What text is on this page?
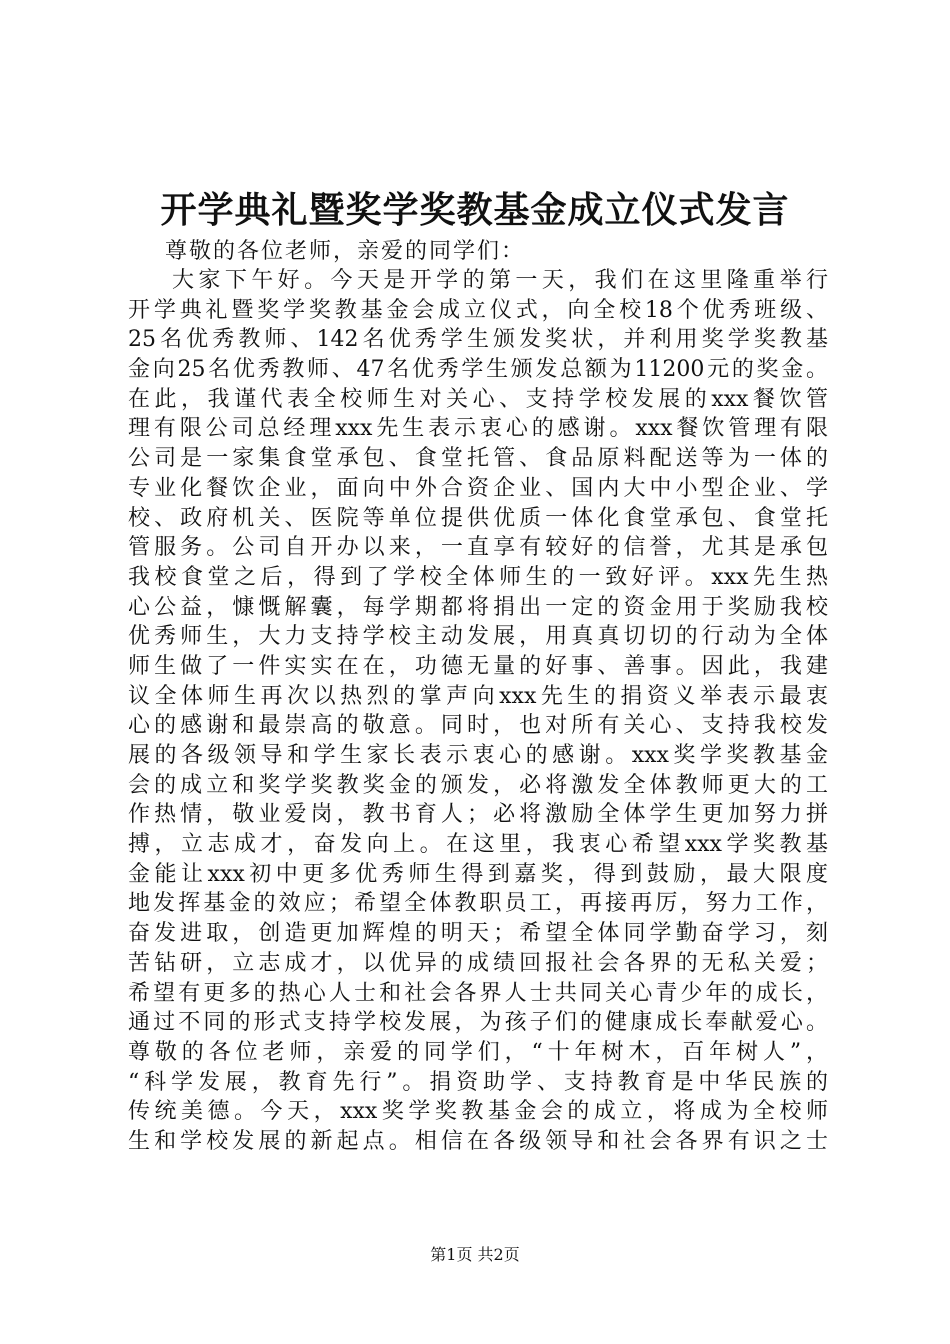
开学典礼暨奖学奖教基金成立仪式发言

尊敬的各位老师，亲爱的同学们：

大家下午好。今天是开学的第一天，我们在这里隆重举行
开学典礼暨奖学奖教基金会成立仪式，向全校18个优秀班级、
25名优秀教师、142名优秀学生颁发奖状，并利用奖学奖教基
金向25名优秀教师、47名优秀学生颁发总额为11200元的奖金。
在此，我谨代表全校师生对关心、支持学校发展的xxx餐饮管
理有限公司总经理xxx先生表示衷心的感谢。xxx餐饮管理有限
公司是一家集食堂承包、食堂托管、食品原料配送等为一体的
专业化餐饮企业，面向中外合资企业、国内大中小型企业、学
校、政府机关、医院等单位提供优质一体化食堂承包、食堂托
管服务。公司自开办以来，一直享有较好的信誉，尤其是承包
我校食堂之后，得到了学校全体师生的一致好评。xxx先生热
心公益，慷慨解囊，每学期都将捐出一定的资金用于奖励我校
优秀师生，大力支持学校主动发展，用真真切切的行动为全体
师生做了一件实实在在，功德无量的好事、善事。因此，我建
议全体师生再次以热烈的掌声向xxx先生的捐资义举表示最衷
心的感谢和最崇高的敬意。同时，也对所有关心、支持我校发
展的各级领导和学生家长表示衷心的感谢。xxx奖学奖教基金
会的成立和奖学奖教奖金的颁发，必将激发全体教师更大的工
作热情，敬业爱岗，教书育人；必将激励全体学生更加努力拼
搏，立志成才，奋发向上。在这里，我衷心希望xxx学奖教基
金能让xxx初中更多优秀师生得到嘉奖，得到鼓励，最大限度
地发挥基金的效应；希望全体教职员工，再接再厉，努力工作，
奋发进取，创造更加辉煌的明天；希望全体同学勤奋学习，刻
苦钻研，立志成才，以优异的成绩回报社会各界的无私关爱；
希望有更多的热心人士和社会各界人士共同关心青少年的成长，
通过不同的形式支持学校发展，为孩子们的健康成长奉献爱心。
尊敬的各位老师，亲爱的同学们，“十年树木，百年树人”，
“科学发展，教育先行”。捐资助学、支持教育是中华民族的
传统美德。今天，xxx奖学奖教基金会的成立，将成为全校师
生和学校发展的新起点。相信在各级领导和社会各界有识之士
第1页 共2页
